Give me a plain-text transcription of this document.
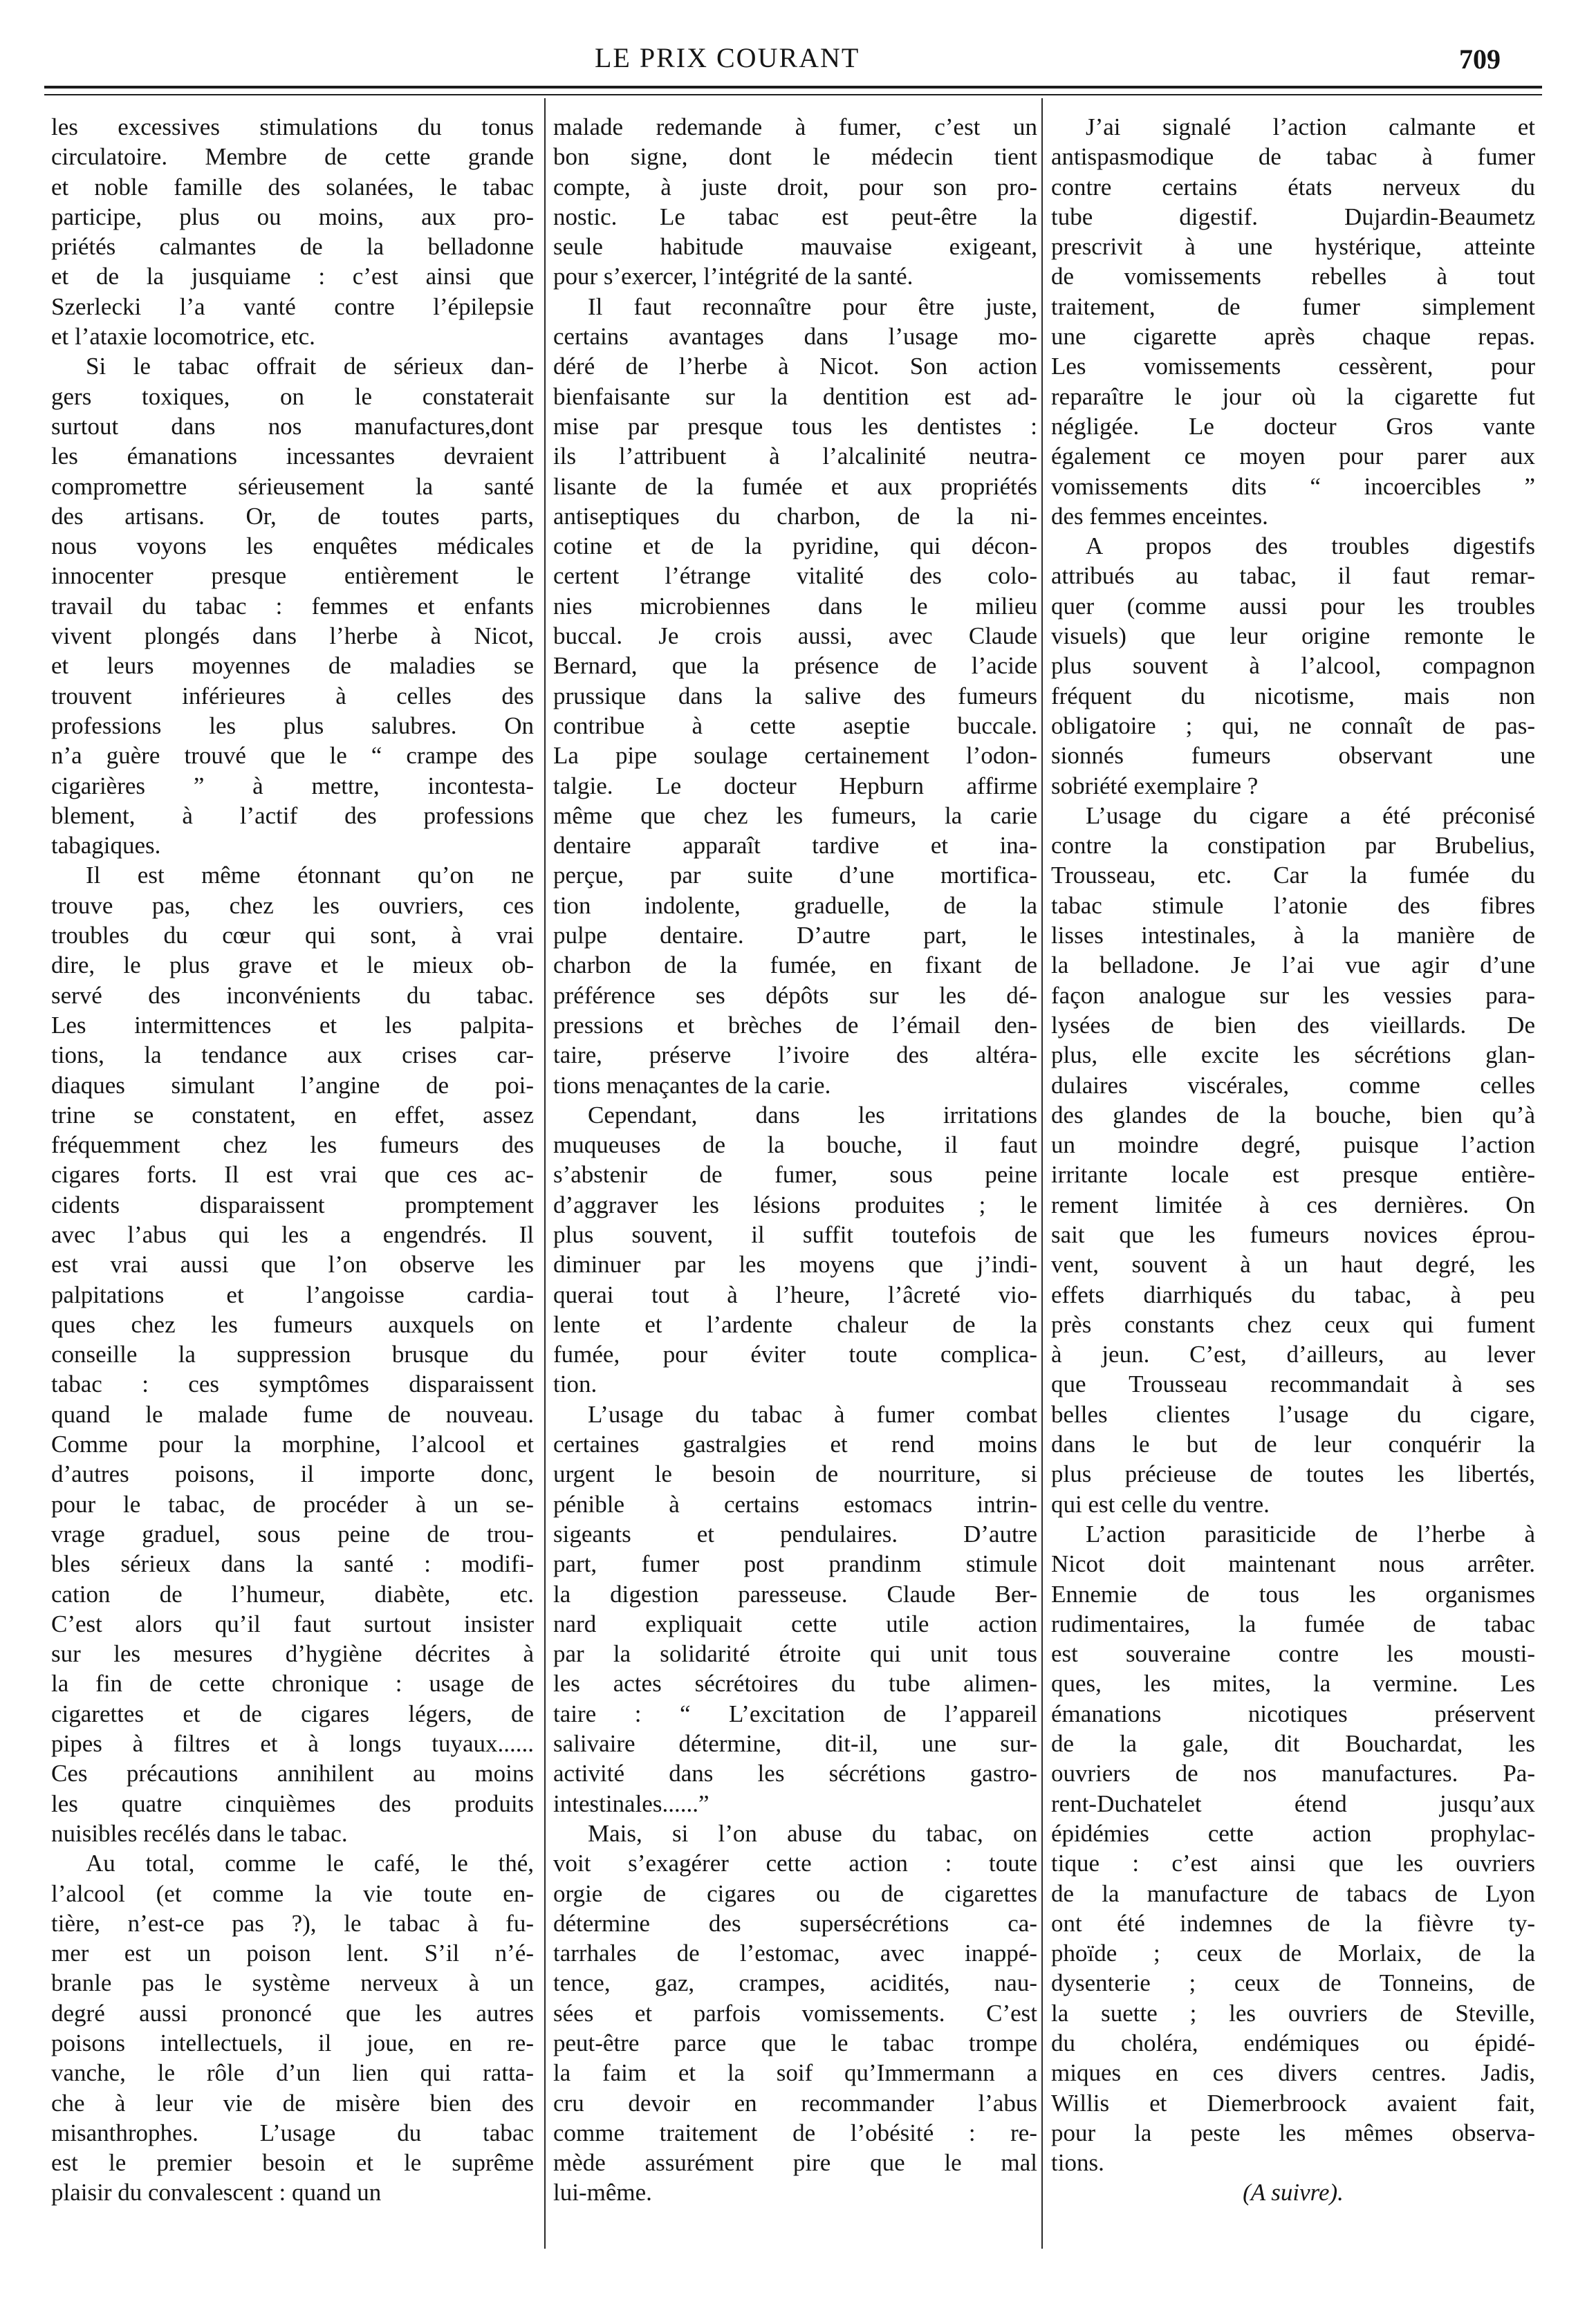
LE PRIX COURANT	709
les excessives stimulations du tonus
circulatoire. Membre de cette grande
et noble famille des solanées, le tabac
participe, plus ou moins, aux pro-
priétés calmantes de la belladonne
et de la jusquiame : c’est ainsi que
Szerlecki l’a vanté contre l’épilepsie
et l’ataxie locomotrice, etc.
Si le tabac offrait de sérieux dan-
gers toxiques, on le constaterait
surtout dans nos manufactures,dont
les émanations incessantes devraient
compromettre sérieusement la santé
des artisans. Or, de toutes parts,
nous voyons les enquêtes médicales
innocenter presque entièrement le
travail du tabac : femmes et enfants
vivent plongés dans l’herbe à Nicot,
et leurs moyennes de maladies se
trouvent inférieures à celles des
professions les plus salubres. On
n’a guère trouvé que le “ crampe des
cigarières ” à mettre, incontesta-
blement, à l’actif des professions
tabagiques.
Il est même étonnant qu’on ne
trouve pas, chez les ouvriers, ces
troubles du cœur qui sont, à vrai
dire, le plus grave et le mieux ob-
servé des inconvénients du tabac.
Les intermittences et les palpita-
tions, la tendance aux crises car-
diaques simulant l’angine de poi-
trine se constatent, en effet, assez
fréquemment chez les fumeurs des
cigares forts. Il est vrai que ces ac-
cidents disparaissent promptement
avec l’abus qui les a engendrés. Il
est vrai aussi que l’on observe les
palpitations et l’angoisse cardia-
ques chez les fumeurs auxquels on
conseille la suppression brusque du
tabac : ces symptômes disparaissent
quand le malade fume de nouveau.
Comme pour la morphine, l’alcool et
d’autres poisons, il importe donc,
pour le tabac, de procéder à un se-
vrage graduel, sous peine de trou-
bles sérieux dans la santé : modifi-
cation de l’humeur, diabète, etc.
C’est alors qu’il faut surtout insister
sur les mesures d’hygiène décrites à
la fin de cette chronique : usage de
cigarettes et de cigares légers, de
pipes à filtres et à longs tuyaux......
Ces précautions annihilent au moins
les quatre cinquièmes des produits
nuisibles recélés dans le tabac.
Au total, comme le café, le thé,
l’alcool (et comme la vie toute en-
tière, n’est-ce pas ?), le tabac à fu-
mer est un poison lent. S’il n’é-
branle pas le système nerveux à un
degré aussi prononcé que les autres
poisons intellectuels, il joue, en re-
vanche, le rôle d’un lien qui ratta-
che à leur vie de misère bien des
misanthrophes. L’usage du tabac
est le premier besoin et le suprême
plaisir du convalescent : quand un
malade redemande à fumer, c’est un
bon signe, dont le médecin tient
compte, à juste droit, pour son pro-
nostic. Le tabac est peut-être la
seule habitude mauvaise exigeant,
pour s’exercer, l’intégrité de la santé.
Il faut reconnaître pour être juste,
certains avantages dans l’usage mo-
déré de l’herbe à Nicot. Son action
bienfaisante sur la dentition est ad-
mise par presque tous les dentistes :
ils l’attribuent à l’alcalinité neutra-
lisante de la fumée et aux propriétés
antiseptiques du charbon, de la ni-
cotine et de la pyridine, qui décon-
certent l’étrange vitalité des colo-
nies microbiennes dans le milieu
buccal. Je crois aussi, avec Claude
Bernard, que la présence de l’acide
prussique dans la salive des fumeurs
contribue à cette aseptie buccale.
La pipe soulage certainement l’odon-
talgie. Le docteur Hepburn affirme
même que chez les fumeurs, la carie
dentaire apparaît tardive et ina-
perçue, par suite d’une mortifica-
tion indolente, graduelle, de la
pulpe dentaire. D’autre part, le
charbon de la fumée, en fixant de
préférence ses dépôts sur les dé-
pressions et brèches de l’émail den-
taire, préserve l’ivoire des altéra-
tions menaçantes de la carie.
Cependant, dans les irritations
muqueuses de la bouche, il faut
s’abstenir de fumer, sous peine
d’aggraver les lésions produites ; le
plus souvent, il suffit toutefois de
diminuer par les moyens que j’indi-
querai tout à l’heure, l’âcreté vio-
lente et l’ardente chaleur de la
fumée, pour éviter toute complica-
tion.
L’usage du tabac à fumer combat
certaines gastralgies et rend moins
urgent le besoin de nourriture, si
pénible à certains estomacs intrin-
sigeants et pendulaires. D’autre
part, fumer post prandinm stimule
la digestion paresseuse. Claude Ber-
nard expliquait cette utile action
par la solidarité étroite qui unit tous
les actes sécrétoires du tube alimen-
taire : “ L’excitation de l’appareil
salivaire détermine, dit-il, une sur-
activité dans les sécrétions gastro-
intestinales......”
Mais, si l’on abuse du tabac, on
voit s’exagérer cette action : toute
orgie de cigares ou de cigarettes
détermine des supersécrétions ca-
tarrhales de l’estomac, avec inappé-
tence, gaz, crampes, acidités, nau-
sées et parfois vomissements. C’est
peut-être parce que le tabac trompe
la faim et la soif qu’Immermann a
cru devoir en recommander l’abus
comme traitement de l’obésité : re-
mède assurément pire que le mal
lui-même.
J’ai signalé l’action calmante et
antispasmodique de tabac à fumer
contre certains états nerveux du
tube digestif. Dujardin-Beaumetz
prescrivit à une hystérique, atteinte
de vomissements rebelles à tout
traitement, de fumer simplement
une cigarette après chaque repas.
Les vomissements cessèrent, pour
reparaître le jour où la cigarette fut
négligée. Le docteur Gros vante
également ce moyen pour parer aux
vomissements dits “ incoercibles ”
des femmes enceintes.
A propos des troubles digestifs
attribués au tabac, il faut remar-
quer (comme aussi pour les troubles
visuels) que leur origine remonte le
plus souvent à l’alcool, compagnon
fréquent du nicotisme, mais non
obligatoire ; qui, ne connaît de pas-
sionnés fumeurs observant une
sobriété exemplaire ?
L’usage du cigare a été préconisé
contre la constipation par Brubelius,
Trousseau, etc. Car la fumée du
tabac stimule l’atonie des fibres
lisses intestinales, à la manière de
la belladone. Je l’ai vue agir d’une
façon analogue sur les vessies para-
lysées de bien des vieillards. De
plus, elle excite les sécrétions glan-
dulaires viscérales, comme celles
des glandes de la bouche, bien qu’à
un moindre degré, puisque l’action
irritante locale est presque entière-
rement limitée à ces dernières. On
sait que les fumeurs novices éprou-
vent, souvent à un haut degré, les
effets diarrhiqués du tabac, à peu
près constants chez ceux qui fument
à jeun. C’est, d’ailleurs, au lever
que Trousseau recommandait à ses
belles clientes l’usage du cigare,
dans le but de leur conquérir la
plus précieuse de toutes les libertés,
qui est celle du ventre.
L’action parasiticide de l’herbe à
Nicot doit maintenant nous arrêter.
Ennemie de tous les organismes
rudimentaires, la fumée de tabac
est souveraine contre les mousti-
ques, les mites, la vermine. Les
émanations nicotiques préservent
de la gale, dit Bouchardat, les
ouvriers de nos manufactures. Pa-
rent-Duchatelet étend jusqu’aux
épidémies cette action prophylac-
tique : c’est ainsi que les ouvriers
de la manufacture de tabacs de Lyon
ont été indemnes de la fièvre ty-
phoïde ; ceux de Morlaix, de la
dysenterie ; ceux de Tonneins, de
la suette ; les ouvriers de Steville,
du choléra, endémiques ou épidé-
miques en ces divers centres. Jadis,
Willis et Diemerbroock avaient fait,
pour la peste les mêmes observa-
tions.
(A suivre).
